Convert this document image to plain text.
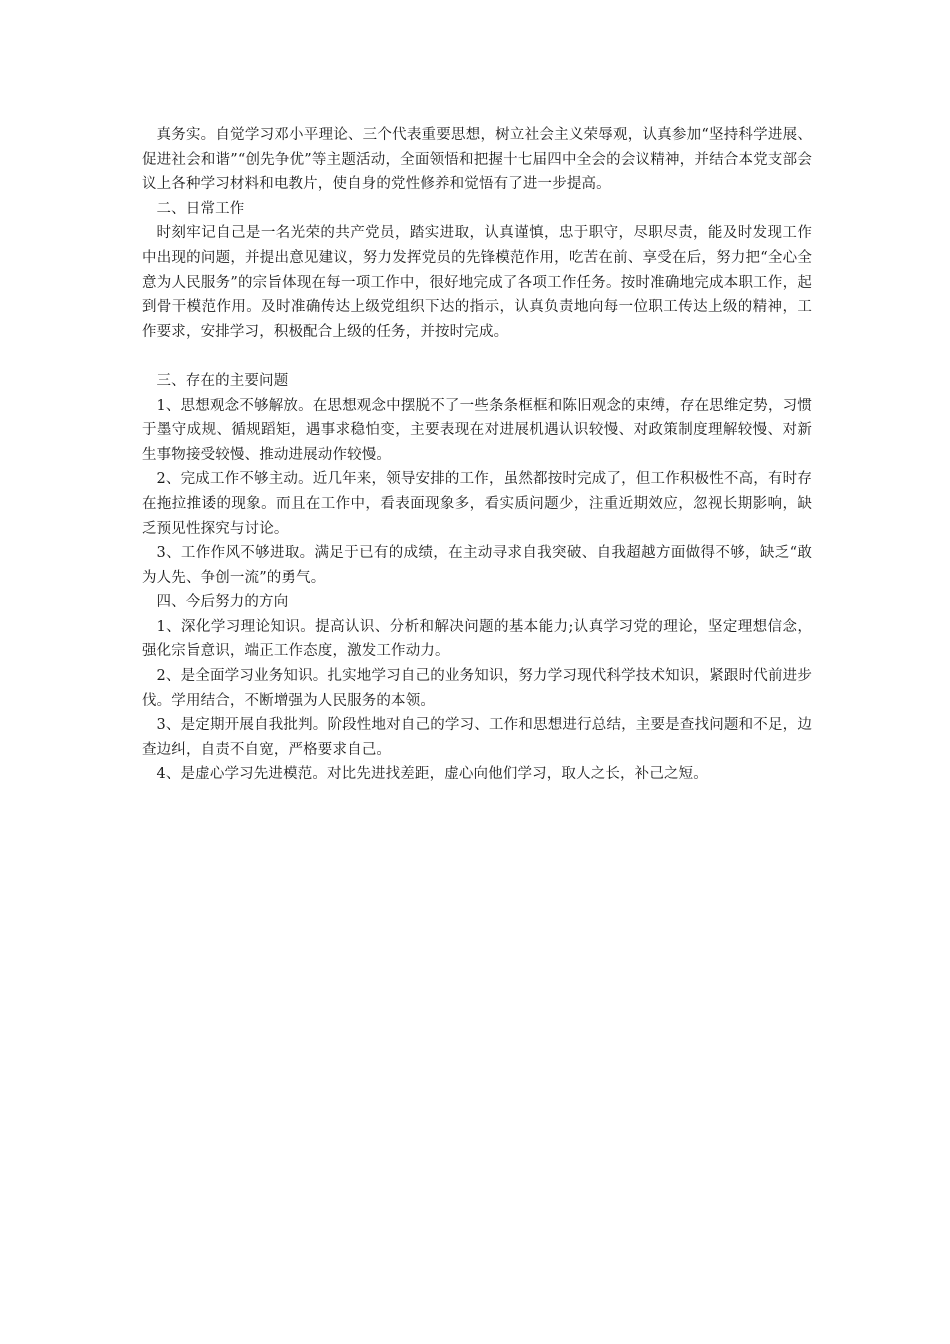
真务实。自觉学习邓小平理论、三个代表重要思想，树立社会主义荣辱观，认真参加“坚持科学进展、促进社会和谐”“创先争优”等主题活动，全面领悟和把握十七届四中全会的会议精神，并结合本党支部会议上各种学习材料和电教片，使自身的党性修养和觉悟有了进一步提高。

二、日常工作

时刻牢记自己是一名光荣的共产党员，踏实进取，认真谨慎，忠于职守，尽职尽责，能及时发现工作中出现的问题，并提出意见建议，努力发挥党员的先锋模范作用，吃苦在前、享受在后，努力把“全心全意为人民服务”的宗旨体现在每一项工作中，很好地完成了各项工作任务。按时准确地完成本职工作，起到骨干模范作用。及时准确传达上级党组织下达的指示，认真负责地向每一位职工传达上级的精神，工作要求，安排学习，积极配合上级的任务，并按时完成。

三、存在的主要问题

1、思想观念不够解放。在思想观念中摆脱不了一些条条框框和陈旧观念的束缚，存在思维定势，习惯于墨守成规、循规蹈矩，遇事求稳怕变，主要表现在对进展机遇认识较慢、对政策制度理解较慢、对新生事物接受较慢、推动进展动作较慢。

2、完成工作不够主动。近几年来，领导安排的工作，虽然都按时完成了，但工作积极性不高，有时存在拖拉推诿的现象。而且在工作中，看表面现象多，看实质问题少，注重近期效应，忽视长期影响，缺乏预见性探究与讨论。

3、工作作风不够进取。满足于已有的成绩，在主动寻求自我突破、自我超越方面做得不够，缺乏“敢为人先、争创一流”的勇气。

四、今后努力的方向

1、深化学习理论知识。提高认识、分析和解决问题的基本能力;认真学习党的理论，坚定理想信念，强化宗旨意识，端正工作态度，激发工作动力。

2、是全面学习业务知识。扎实地学习自己的业务知识，努力学习现代科学技术知识，紧跟时代前进步伐。学用结合，不断增强为人民服务的本领。

3、是定期开展自我批判。阶段性地对自己的学习、工作和思想进行总结，主要是查找问题和不足，边查边纠，自责不自宽，严格要求自己。

4、是虚心学习先进模范。对比先进找差距，虚心向他们学习，取人之长，补己之短。
